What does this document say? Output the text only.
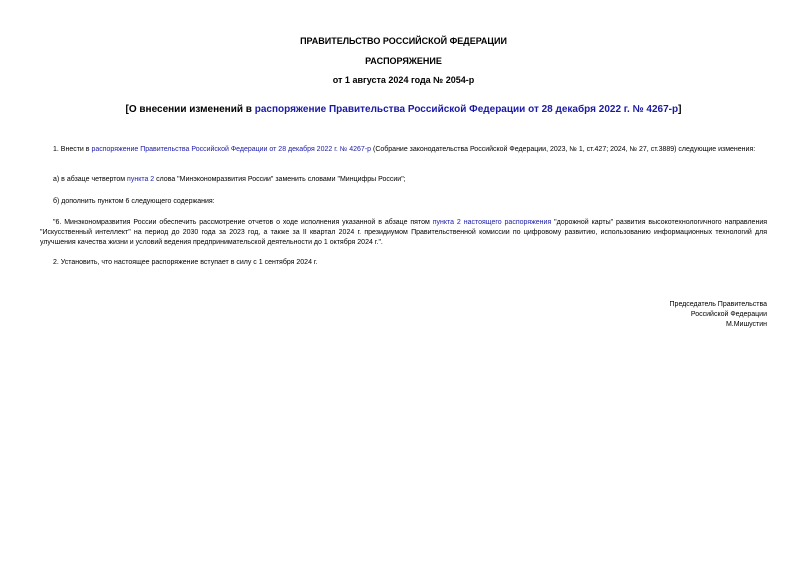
ПРАВИТЕЛЬСТВО РОССИЙСКОЙ ФЕДЕРАЦИИ
РАСПОРЯЖЕНИЕ
от 1 августа 2024 года № 2054-р
[О внесении изменений в распоряжение Правительства Российской Федерации от 28 декабря 2022 г. № 4267-р]
1. Внести в распоряжение Правительства Российской Федерации от 28 декабря 2022 г. № 4267-р (Собрание законодательства Российской Федерации, 2023, № 1, ст.427; 2024, № 27, ст.3889) следующие изменения:
а) в абзаце четвертом пункта 2 слова "Минэкономразвития России" заменить словами "Минцифры России";
б) дополнить пунктом 6 следующего содержания:
"6. Минэкономразвития России обеспечить рассмотрение отчетов о ходе исполнения указанной в абзаце пятом пункта 2 настоящего распоряжения "дорожной карты" развития высокотехнологичного направления "Искусственный интеллект" на период до 2030 года за 2023 год, а также за II квартал 2024 г. президиумом Правительственной комиссии по цифровому развитию, использованию информационных технологий для улучшения качества жизни и условий ведения предпринимательской деятельности до 1 октября 2024 г.".
2. Установить, что настоящее распоряжение вступает в силу с 1 сентября 2024 г.
Председатель Правительства
Российской Федерации
М.Мишустин
